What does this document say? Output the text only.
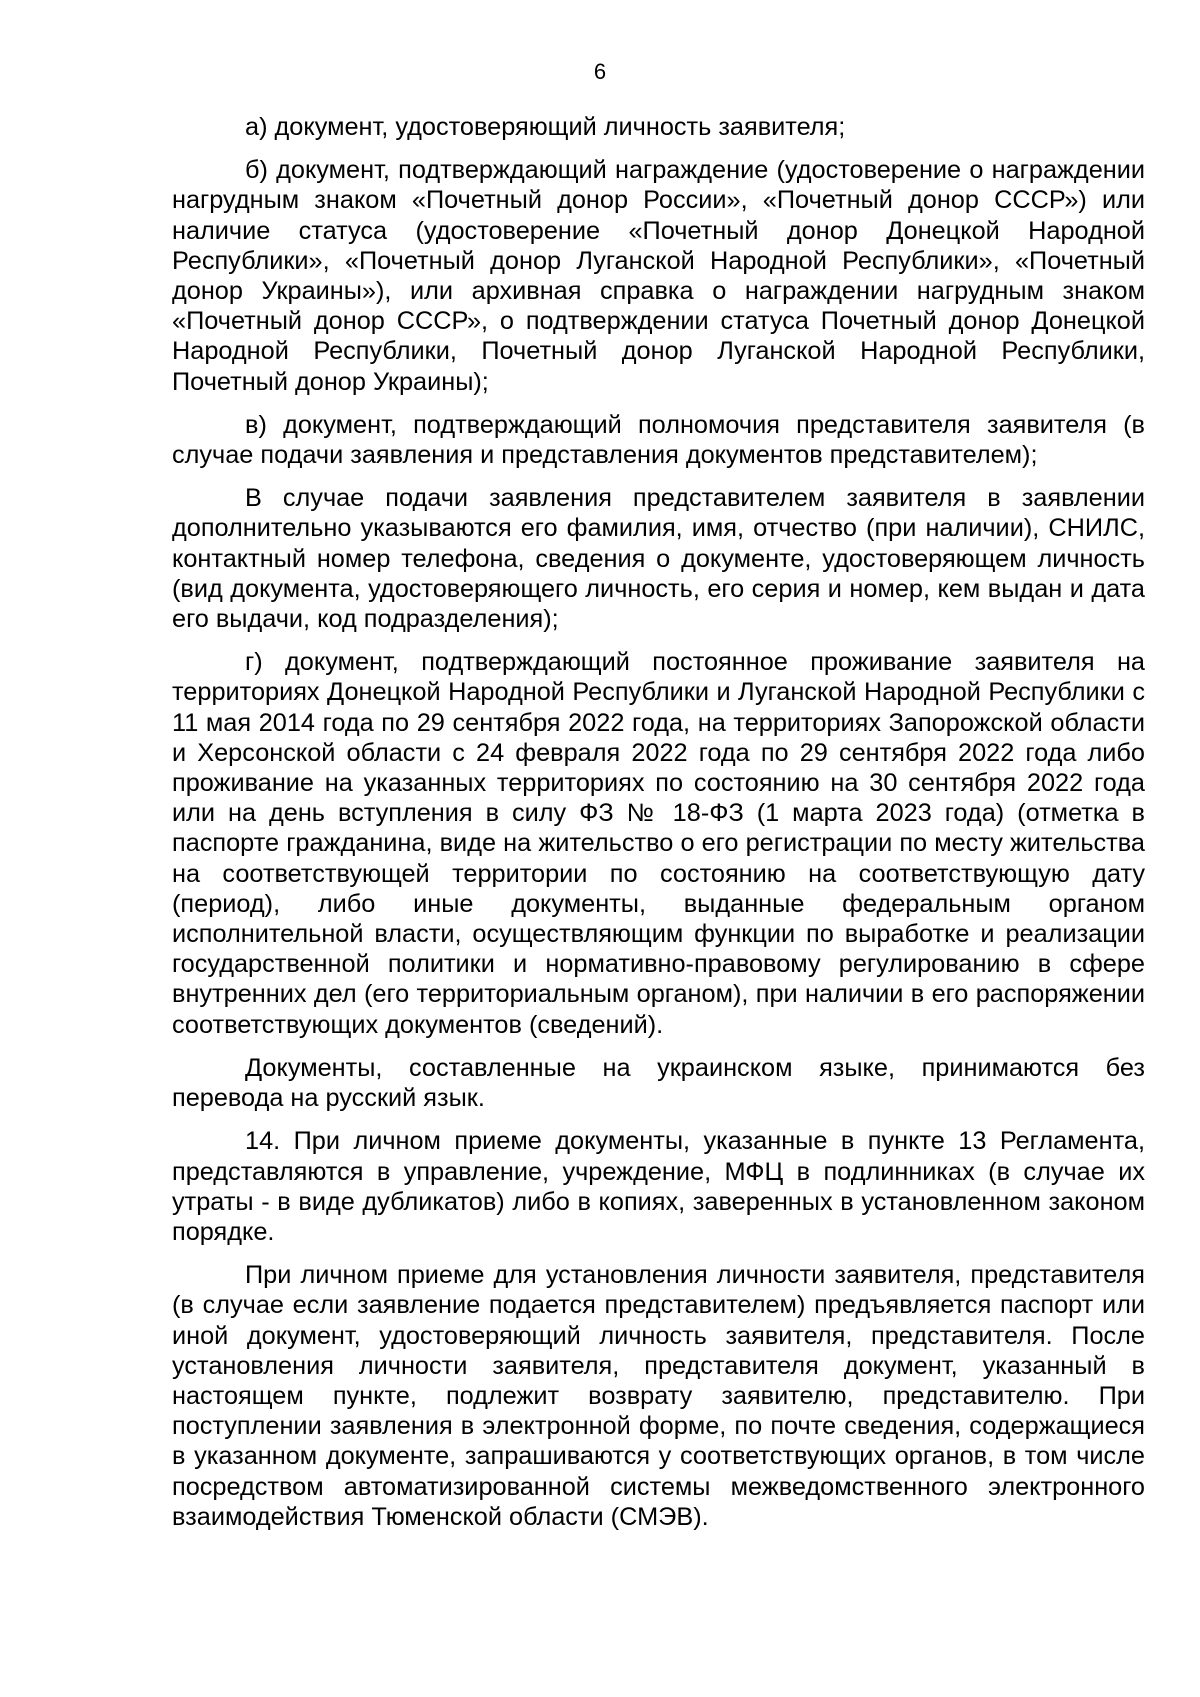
6

а) документ, удостоверяющий личность заявителя;

б) документ, подтверждающий награждение (удостоверение о награждении нагрудным знаком «Почетный донор России», «Почетный донор СССР») или наличие статуса (удостоверение «Почетный донор Донецкой Народной Республики», «Почетный донор Луганской Народной Республики», «Почетный донор Украины»), или архивная справка о награждении нагрудным знаком «Почетный донор СССР», о подтверждении статуса Почетный донор Донецкой Народной Республики, Почетный донор Луганской Народной Республики, Почетный донор Украины);

в) документ, подтверждающий полномочия представителя заявителя (в случае подачи заявления и представления документов представителем);

В случае подачи заявления представителем заявителя в заявлении дополнительно указываются его фамилия, имя, отчество (при наличии), СНИЛС, контактный номер телефона, сведения о документе, удостоверяющем личность (вид документа, удостоверяющего личность, его серия и номер, кем выдан и дата его выдачи, код подразделения);

г) документ, подтверждающий постоянное проживание заявителя на территориях Донецкой Народной Республики и Луганской Народной Республики с 11 мая 2014 года по 29 сентября 2022 года, на территориях Запорожской области и Херсонской области с 24 февраля 2022 года по 29 сентября 2022 года либо проживание на указанных территориях по состоянию на 30 сентября 2022 года или на день вступления в силу ФЗ № 18-ФЗ (1 марта 2023 года) (отметка в паспорте гражданина, виде на жительство о его регистрации по месту жительства на соответствующей территории по состоянию на соответствующую дату (период), либо иные документы, выданные федеральным органом исполнительной власти, осуществляющим функции по выработке и реализации государственной политики и нормативно-правовому регулированию в сфере внутренних дел (его территориальным органом), при наличии в его распоряжении соответствующих документов (сведений).

Документы, составленные на украинском языке, принимаются без перевода на русский язык.

14. При личном приеме документы, указанные в пункте 13 Регламента, представляются в управление, учреждение, МФЦ в подлинниках (в случае их утраты - в виде дубликатов) либо в копиях, заверенных в установленном законом порядке.

При личном приеме для установления личности заявителя, представителя (в случае если заявление подается представителем) предъявляется паспорт или иной документ, удостоверяющий личность заявителя, представителя. После установления личности заявителя, представителя документ, указанный в настоящем пункте, подлежит возврату заявителю, представителю. При поступлении заявления в электронной форме, по почте сведения, содержащиеся в указанном документе, запрашиваются у соответствующих органов, в том числе посредством автоматизированной системы межведомственного электронного взаимодействия Тюменской области (СМЭВ).
